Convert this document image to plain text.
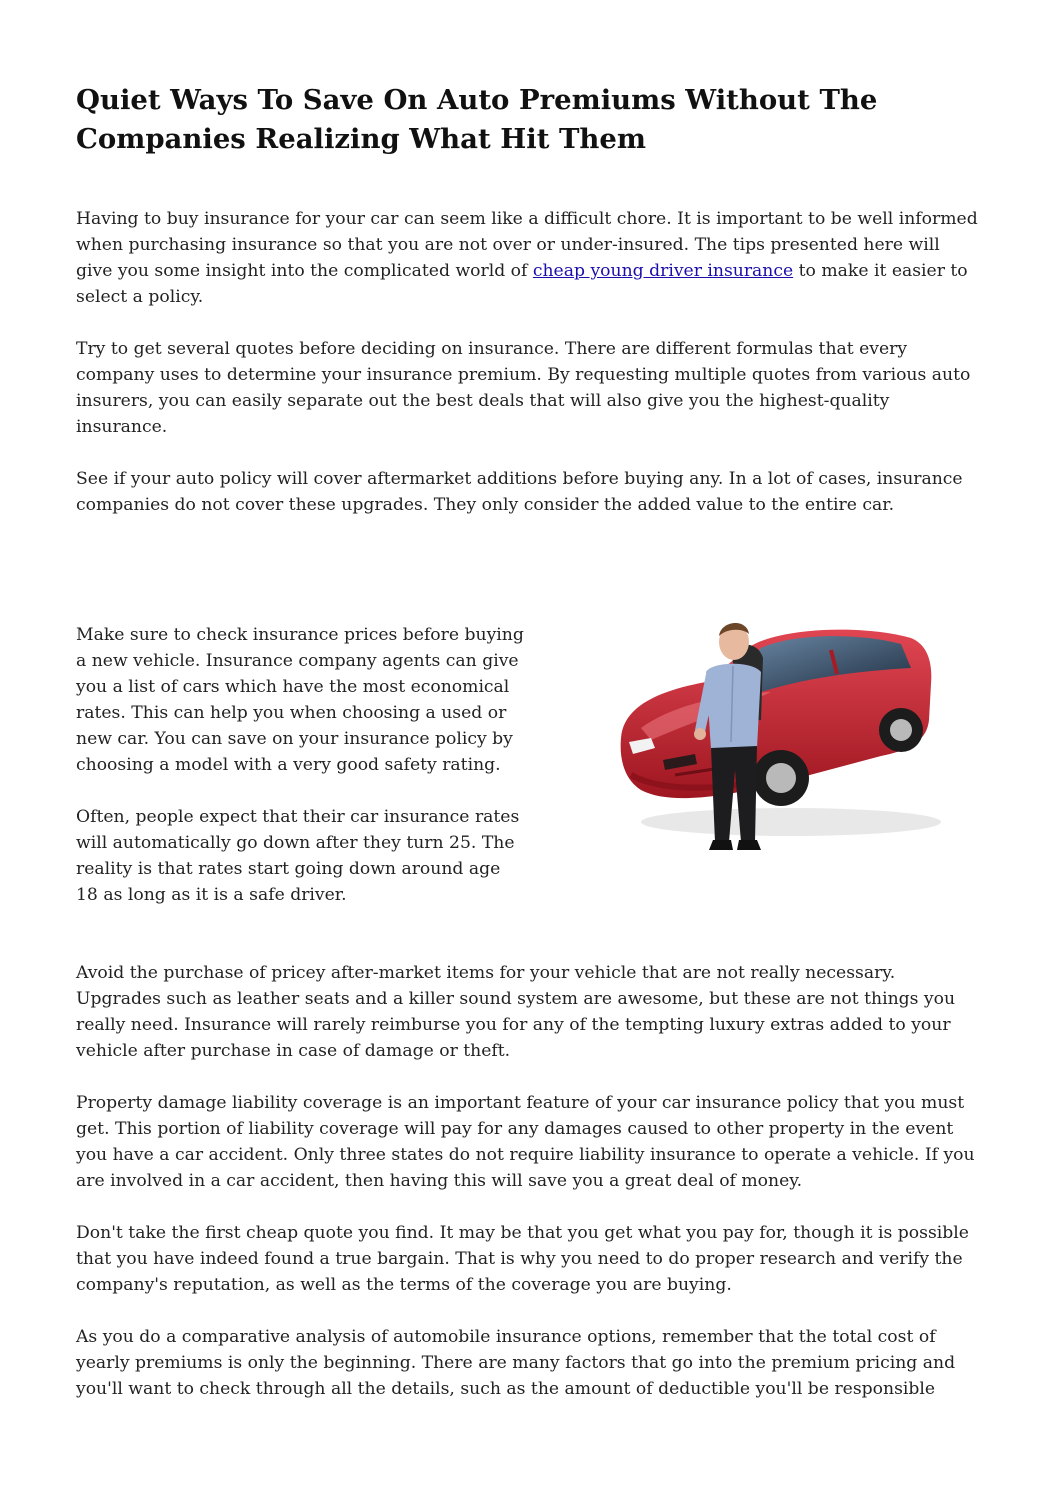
Quiet Ways To Save On Auto Premiums Without The Companies Realizing What Hit Them

Having to buy insurance for your car can seem like a difficult chore. It is important to be well informed when purchasing insurance so that you are not over or under-insured. The tips presented here will give you some insight into the complicated world of cheap young driver insurance to make it easier to select a policy.

Try to get several quotes before deciding on insurance. There are different formulas that every company uses to determine your insurance premium. By requesting multiple quotes from various auto insurers, you can easily separate out the best deals that will also give you the highest-quality insurance.

See if your auto policy will cover aftermarket additions before buying any. In a lot of cases, insurance companies do not cover these upgrades. They only consider the added value to the entire car.

Make sure to check insurance prices before buying a new vehicle. Insurance company agents can give you a list of cars which have the most economical rates. This can help you when choosing a used or new car. You can save on your insurance policy by choosing a model with a very good safety rating.

Often, people expect that their car insurance rates will automatically go down after they turn 25. The reality is that rates start going down around age 18 as long as it is a safe driver.

Avoid the purchase of pricey after-market items for your vehicle that are not really necessary. Upgrades such as leather seats and a killer sound system are awesome, but these are not things you really need. Insurance will rarely reimburse you for any of the tempting luxury extras added to your vehicle after purchase in case of damage or theft.

Property damage liability coverage is an important feature of your car insurance policy that you must get. This portion of liability coverage will pay for any damages caused to other property in the event you have a car accident. Only three states do not require liability insurance to operate a vehicle. If you are involved in a car accident, then having this will save you a great deal of money.

Don't take the first cheap quote you find. It may be that you get what you pay for, though it is possible that you have indeed found a true bargain. That is why you need to do proper research and verify the company's reputation, as well as the terms of the coverage you are buying.

As you do a comparative analysis of automobile insurance options, remember that the total cost of yearly premiums is only the beginning. There are many factors that go into the premium pricing and you'll want to check through all the details, such as the amount of deductible you'll be responsible
